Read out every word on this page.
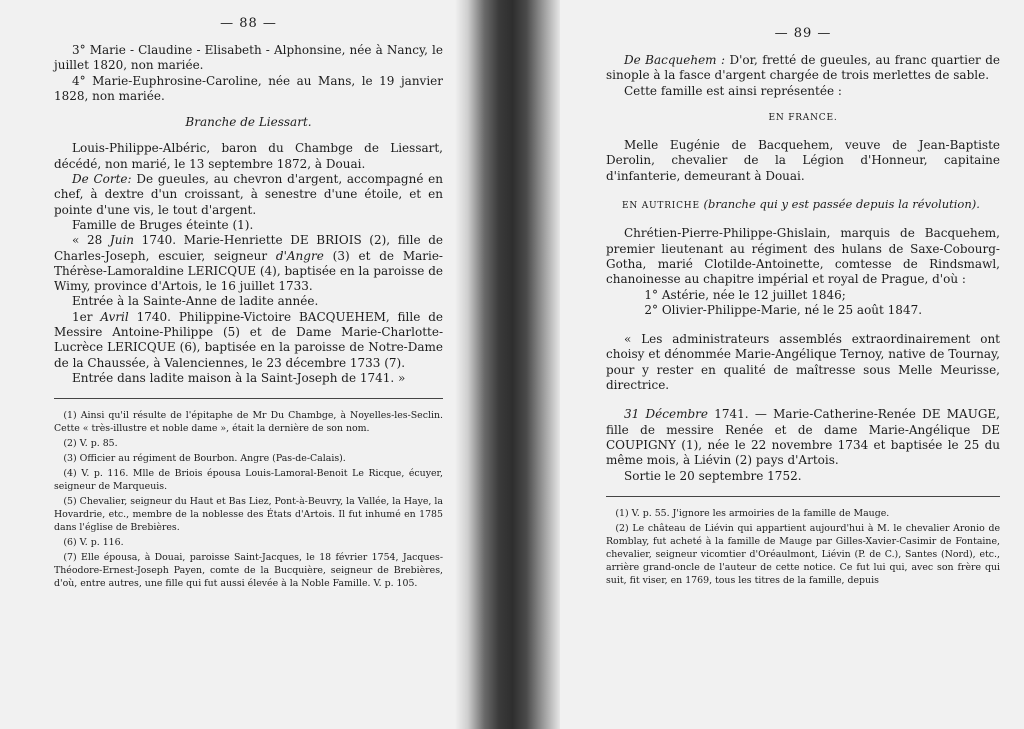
— 88 —

3° Marie - Claudine - Elisabeth - Alphonsine, née à Nancy, le juillet 1820, non mariée.

4° Marie-Euphrosine-Caroline, née au Mans, le 19 janvier 1828, non mariée.

Branche de Liessart.

Louis-Philippe-Albéric, baron du Chambge de Liessart, décédé, non marié, le 13 septembre 1872, à Douai.

De Corte: De gueules, au chevron d'argent, accompagné en chef, à dextre d'un croissant, à senestre d'une étoile, et en pointe d'une vis, le tout d'argent.

Famille de Bruges éteinte (1).

« 28 Juin 1740. Marie-Henriette DE BRIOIS (2), fille de Charles-Joseph, escuier, seigneur d'Angre (3) et de Marie-Thérèse-Lamoraldine LERICQUE (4), baptisée en la paroisse de Wimy, province d'Artois, le 16 juillet 1733.

Entrée à la Sainte-Anne de ladite année.

1er Avril 1740. Philippine-Victoire BACQUEHEM, fille de Messire Antoine-Philippe (5) et de Dame Marie-Charlotte-Lucrèce LERICQUE (6), baptisée en la paroisse de Notre-Dame de la Chaussée, à Valenciennes, le 23 décembre 1733 (7).

Entrée dans ladite maison à la Saint-Joseph de 1741. »

(1) Ainsi qu'il résulte de l'épitaphe de Mr Du Chambge, à Noyelles-les-Seclin. Cette « très-illustre et noble dame », était la dernière de son nom.

(2) V. p. 85.

(3) Officier au régiment de Bourbon. Angre (Pas-de-Calais).

(4) V. p. 116. Mlle de Briois épousa Louis-Lamoral-Benoit Le Ricque, écuyer, seigneur de Marqueuis.

(5) Chevalier, seigneur du Haut et Bas Liez, Pont-à-Beuvry, la Vallée, la Haye, la Hovardrie, etc., membre de la noblesse des États d'Artois. Il fut inhumé en 1785 dans l'église de Brebières.

(6) V. p. 116.

(7) Elle épousa, à Douai, paroisse Saint-Jacques, le 18 février 1754, Jacques-Théodore-Ernest-Joseph Payen, comte de la Bucquière, seigneur de Brebières, d'où, entre autres, une fille qui fut aussi élevée à la Noble Famille. V. p. 105.

— 89 —

De Bacquehem : D'or, fretté de gueules, au franc quartier de sinople à la fasce d'argent chargée de trois merlettes de sable.

Cette famille est ainsi représentée :

EN FRANCE.

Melle Eugénie de Bacquehem, veuve de Jean-Baptiste Derolin, chevalier de la Légion d'Honneur, capitaine d'infanterie, demeurant à Douai.

EN AUTRICHE (branche qui y est passée depuis la révolution).

Chrétien-Pierre-Philippe-Ghislain, marquis de Bacquehem, premier lieutenant au régiment des hulans de Saxe-Cobourg-Gotha, marié Clotilde-Antoinette, comtesse de Rindsmawl, chanoinesse au chapitre impérial et royal de Prague, d'où :

1° Astérie, née le 12 juillet 1846;

2° Olivier-Philippe-Marie, né le 25 août 1847.

« Les administrateurs assemblés extraordinairement ont choisy et dénommée Marie-Angélique Ternoy, native de Tournay, pour y rester en qualité de maîtresse sous Melle Meurisse, directrice.

31 Décembre 1741. — Marie-Catherine-Renée DE MAUGE, fille de messire Renée et de dame Marie-Angélique DE COUPIGNY (1), née le 22 novembre 1734 et baptisée le 25 du même mois, à Liévin (2) pays d'Artois.

Sortie le 20 septembre 1752.

(1) V. p. 55. J'ignore les armoiries de la famille de Mauge.

(2) Le château de Liévin qui appartient aujourd'hui à M. le chevalier Aronio de Romblay, fut acheté à la famille de Mauge par Gilles-Xavier-Casimir de Fontaine, chevalier, seigneur vicomtier d'Oréaulmont, Liévin (P. de C.), Santes (Nord), etc., arrière grand-oncle de l'auteur de cette notice. Ce fut lui qui, avec son frère qui suit, fit viser, en 1769, tous les titres de la famille, depuis
